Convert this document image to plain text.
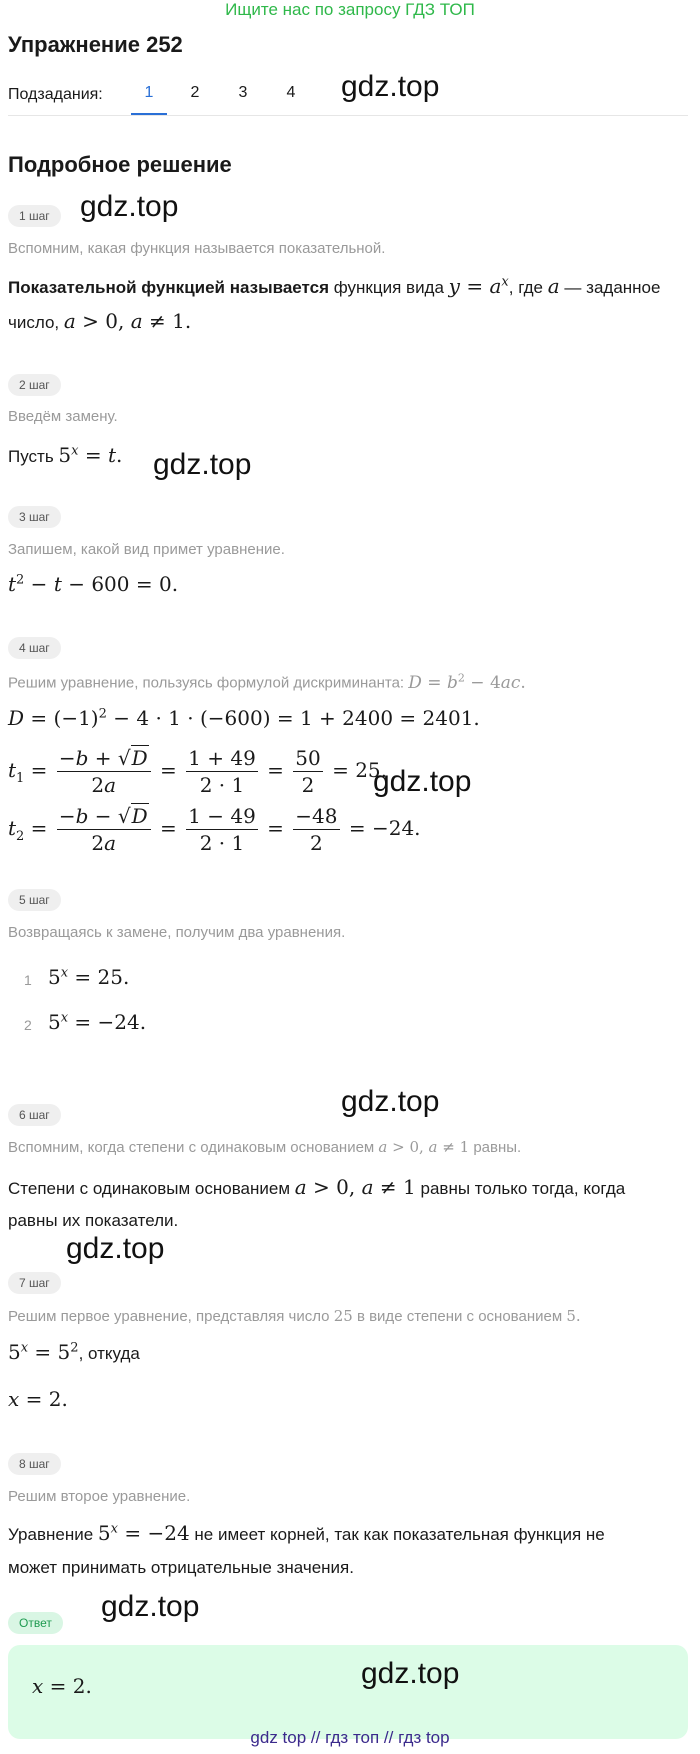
Ищите нас по запросу ГДЗ ТОП
Упражнение 252
Подзадания:	1	2	3	4	gdz.top
Подробное решение
1 шаг	gdz.top
Вспомним, какая функция называется показательной.
Показательной функцией называется функция вида $y = a^x$, где a — заданное
число, a > 0, a ≠ 1.
2 шаг
Введём замену.
Пусть $5^x = t$. gdz.top
3 шаг
Запишем, какой вид примет уравнение.
$t^2 - t - 600 = 0$.
4 шаг
Решим уравнение, пользуясь формулой дискриминанта: $D = b^2 - 4ac$.
$D = (-1)^2 - 4 \cdot 1 \cdot (-600) = 1 + 2400 = 2401$.
$t_1 = \frac{-b + √D}{2a} = \frac{1 + 49}{2 \cdot 1} = \frac{50}{2} = 25$.
gdz.top
$t_2 = \frac{-b - √D}{2a} = \frac{1 - 49}{2 \cdot 1} = \frac{-48}{2} = -24$.
5 шаг
Возвращаясь к замене, получим два уравнения.
1 $5^x = 25$.
2 $5^x = -24$.
gdz.top
6 шаг
Вспомним, когда степени с одинаковым основанием a > 0, a ≠ 1 равны.
Степени с одинаковым основанием a > 0, a ≠ 1 равны только тогда, когда
равны их показатели.
gdz.top
7 шаг
Решим первое уравнение, представляя число 25 в виде степени с основанием 5.
$5^x = 5^2$, откуда
x = 2.
8 шаг
Решим второе уравнение.
Уравнение $5^x = -24$ не имеет корней, так как показательная функция не
может принимать отрицательные значения.
Ответ	gdz.top
x = 2.	gdz.top
gdz top // гдз топ // гдз top
